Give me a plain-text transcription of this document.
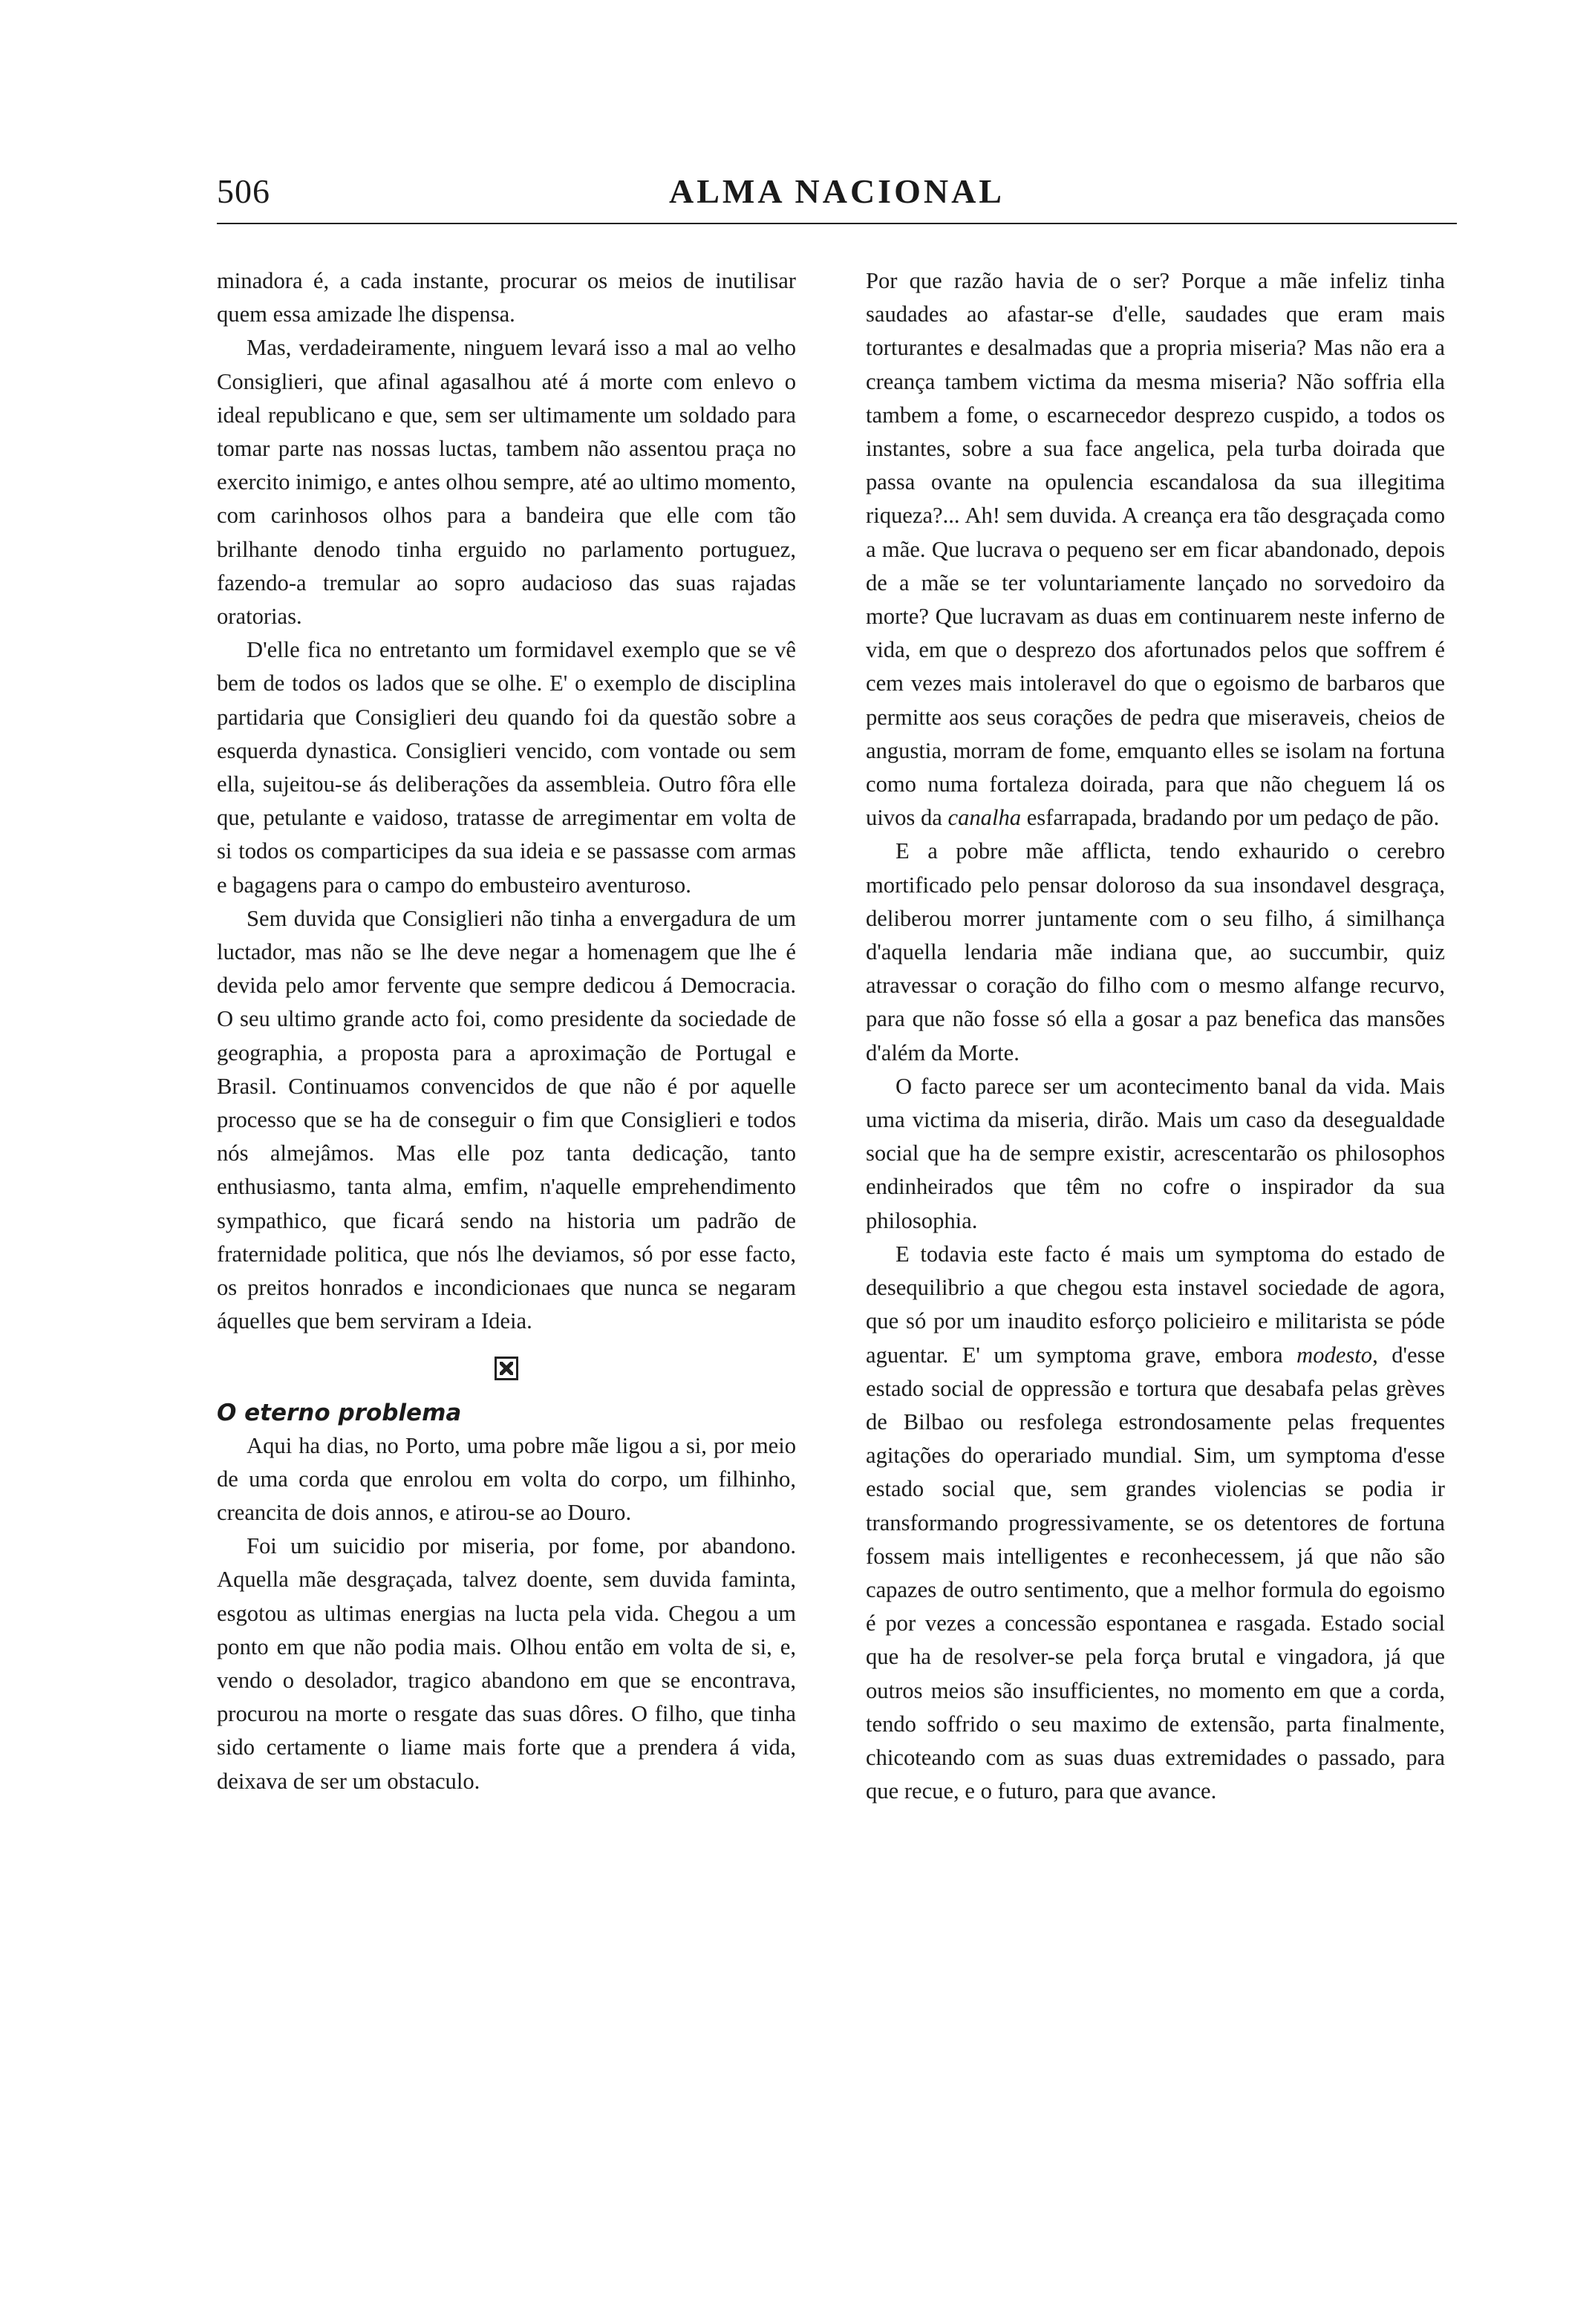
506	ALMA NACIONAL

minadora é, a cada instante, procurar os meios de inutilisar quem essa amizade lhe dispensa.

Mas, verdadeiramente, ninguem levará isso a mal ao velho Consiglieri, que afinal agasalhou até á morte com enlevo o ideal republicano e que, sem ser ultimamente um soldado para tomar parte nas nossas luctas, tambem não assentou praça no exercito inimigo, e antes olhou sempre, até ao ultimo momento, com carinhosos olhos para a bandeira que elle com tão brilhante denodo tinha erguido no parlamento portuguez, fazendo-a tremular ao sopro audacioso das suas rajadas oratorias.

D'elle fica no entretanto um formidavel exemplo que se vê bem de todos os lados que se olhe. E' o exemplo de disciplina partidaria que Consiglieri deu quando foi da questão sobre a esquerda dynastica. Consiglieri vencido, com vontade ou sem ella, sujeitou-se ás deliberações da assembleia. Outro fôra elle que, petulante e vaidoso, tratasse de arregimentar em volta de si todos os comparticipes da sua ideia e se passasse com armas e bagagens para o campo do embusteiro aventuroso.

Sem duvida que Consiglieri não tinha a envergadura de um luctador, mas não se lhe deve negar a homenagem que lhe é devida pelo amor fervente que sempre dedicou á Democracia. O seu ultimo grande acto foi, como presidente da sociedade de geographia, a proposta para a aproximação de Portugal e Brasil. Continuamos convencidos de que não é por aquelle processo que se ha de conseguir o fim que Consiglieri e todos nós almejâmos. Mas elle poz tanta dedicação, tanto enthusiasmo, tanta alma, emfim, n'aquelle emprehendimento sympathico, que ficará sendo na historia um padrão de fraternidade politica, que nós lhe deviamos, só por esse facto, os preitos honrados e incondicionaes que nunca se negaram áquelles que bem serviram a Ideia.

O eterno problema

Aqui ha dias, no Porto, uma pobre mãe ligou a si, por meio de uma corda que enrolou em volta do corpo, um filhinho, creancita de dois annos, e atirou-se ao Douro.

Foi um suicidio por miseria, por fome, por abandono. Aquella mãe desgraçada, talvez doente, sem duvida faminta, esgotou as ultimas energias na lucta pela vida. Chegou a um ponto em que não podia mais. Olhou então em volta de si, e, vendo o desolador, tragico abandono em que se encontrava, procurou na morte o resgate das suas dôres. O filho, que tinha sido certamente o liame mais forte que a prendera á vida, deixava de ser um obstaculo.

Por que razão havia de o ser? Porque a mãe infeliz tinha saudades ao afastar-se d'elle, saudades que eram mais torturantes e desalmadas que a propria miseria? Mas não era a creança tambem victima da mesma miseria? Não soffria ella tambem a fome, o escarnecedor desprezo cuspido, a todos os instantes, sobre a sua face angelica, pela turba doirada que passa ovante na opulencia escandalosa da sua illegitima riqueza?... Ah! sem duvida. A creança era tão desgraçada como a mãe. Que lucrava o pequeno ser em ficar abandonado, depois de a mãe se ter voluntariamente lançado no sorvedoiro da morte? Que lucravam as duas em continuarem neste inferno de vida, em que o desprezo dos afortunados pelos que soffrem é cem vezes mais intoleravel do que o egoismo de barbaros que permitte aos seus corações de pedra que miseraveis, cheios de angustia, morram de fome, emquanto elles se isolam na fortuna como numa fortaleza doirada, para que não cheguem lá os uivos da canalha esfarrapada, bradando por um pedaço de pão.

E a pobre mãe afflicta, tendo exhaurido o cerebro mortificado pelo pensar doloroso da sua insondavel desgraça, deliberou morrer juntamente com o seu filho, á similhança d'aquella lendaria mãe indiana que, ao succumbir, quiz atravessar o coração do filho com o mesmo alfange recurvo, para que não fosse só ella a gosar a paz benefica das mansões d'além da Morte.

O facto parece ser um acontecimento banal da vida. Mais uma victima da miseria, dirão. Mais um caso da desegualdade social que ha de sempre existir, acrescentarão os philosophos endinheirados que têm no cofre o inspirador da sua philosophia.

E todavia este facto é mais um symptoma do estado de desequilibrio a que chegou esta instavel sociedade de agora, que só por um inaudito esforço policieiro e militarista se póde aguentar. E' um symptoma grave, embora modesto, d'esse estado social de oppressão e tortura que desabafa pelas grèves de Bilbao ou resfolega estrondosamente pelas frequentes agitações do operariado mundial. Sim, um symptoma d'esse estado social que, sem grandes violencias se podia ir transformando progressivamente, se os detentores de fortuna fossem mais intelligentes e reconhecessem, já que não são capazes de outro sentimento, que a melhor formula do egoismo é por vezes a concessão espontanea e rasgada. Estado social que ha de resolver-se pela força brutal e vingadora, já que outros meios são insufficientes, no momento em que a corda, tendo soffrido o seu maximo de extensão, parta finalmente, chicoteando com as suas duas extremidades o passado, para que recue, e o futuro, para que avance.
